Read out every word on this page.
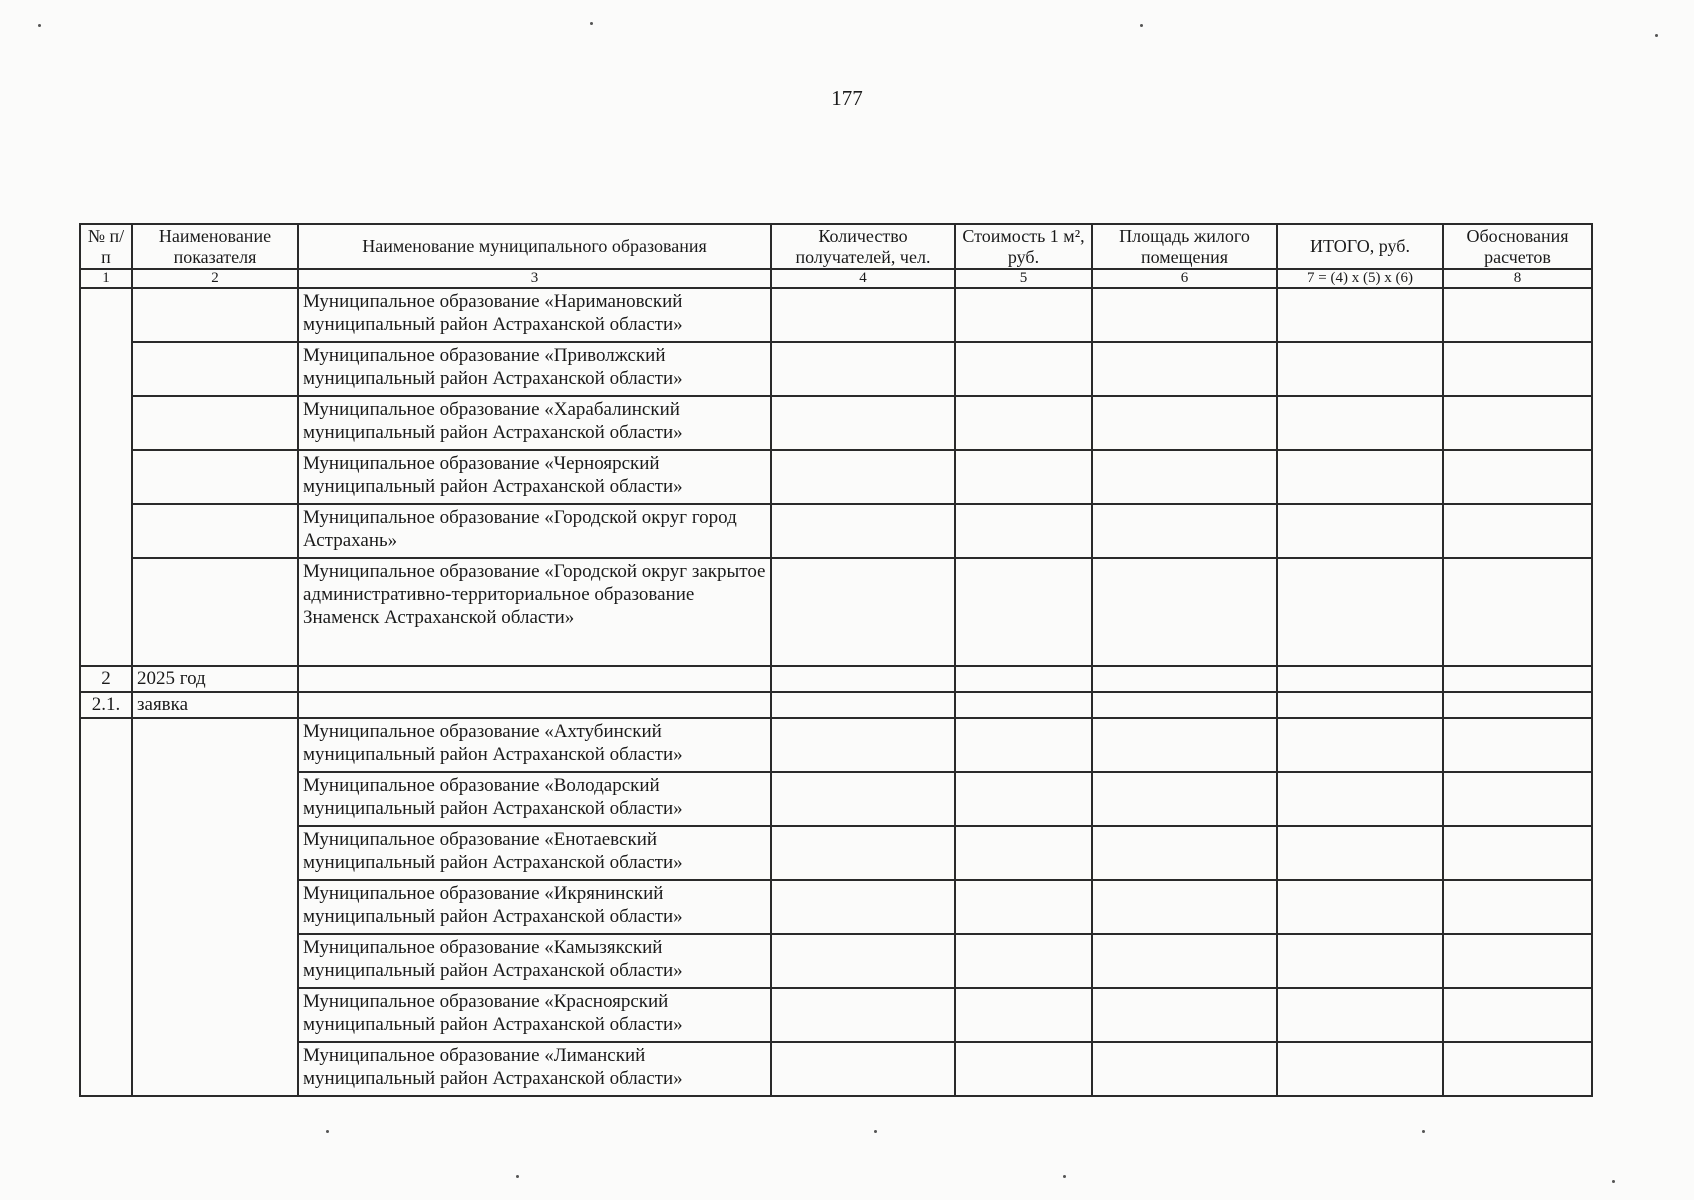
177
№ п/п	Наименование показателя	Наименование муниципального образования	Количество получателей, чел.	Стоимость 1 м², руб.	Площадь жилого помещения	ИТОГО, руб.	Обоснования расчетов
1	2	3	4	5	6	7 = (4) x (5) x (6)	8
		Муниципальное образование «Наримановский муниципальный район Астраханской области»					
		Муниципальное образование «Приволжский муниципальный район Астраханской области»					
		Муниципальное образование «Харабалинский муниципальный район Астраханской области»					
		Муниципальное образование «Черноярский муниципальный район Астраханской области»					
		Муниципальное образование «Городской округ город Астрахань»					
		Муниципальное образование «Городской округ закрытое административно-территориальное образование Знаменск Астраханской области»					
2	2025 год						
2.1.	заявка						
		Муниципальное образование «Ахтубинский муниципальный район Астраханской области»					
		Муниципальное образование «Володарский муниципальный район Астраханской области»					
		Муниципальное образование «Енотаевский муниципальный район Астраханской области»					
		Муниципальное образование «Икрянинский муниципальный район Астраханской области»					
		Муниципальное образование «Камызякский муниципальный район Астраханской области»					
		Муниципальное образование «Красноярский муниципальный район Астраханской области»					
		Муниципальное образование «Лиманский муниципальный район Астраханской области»					
